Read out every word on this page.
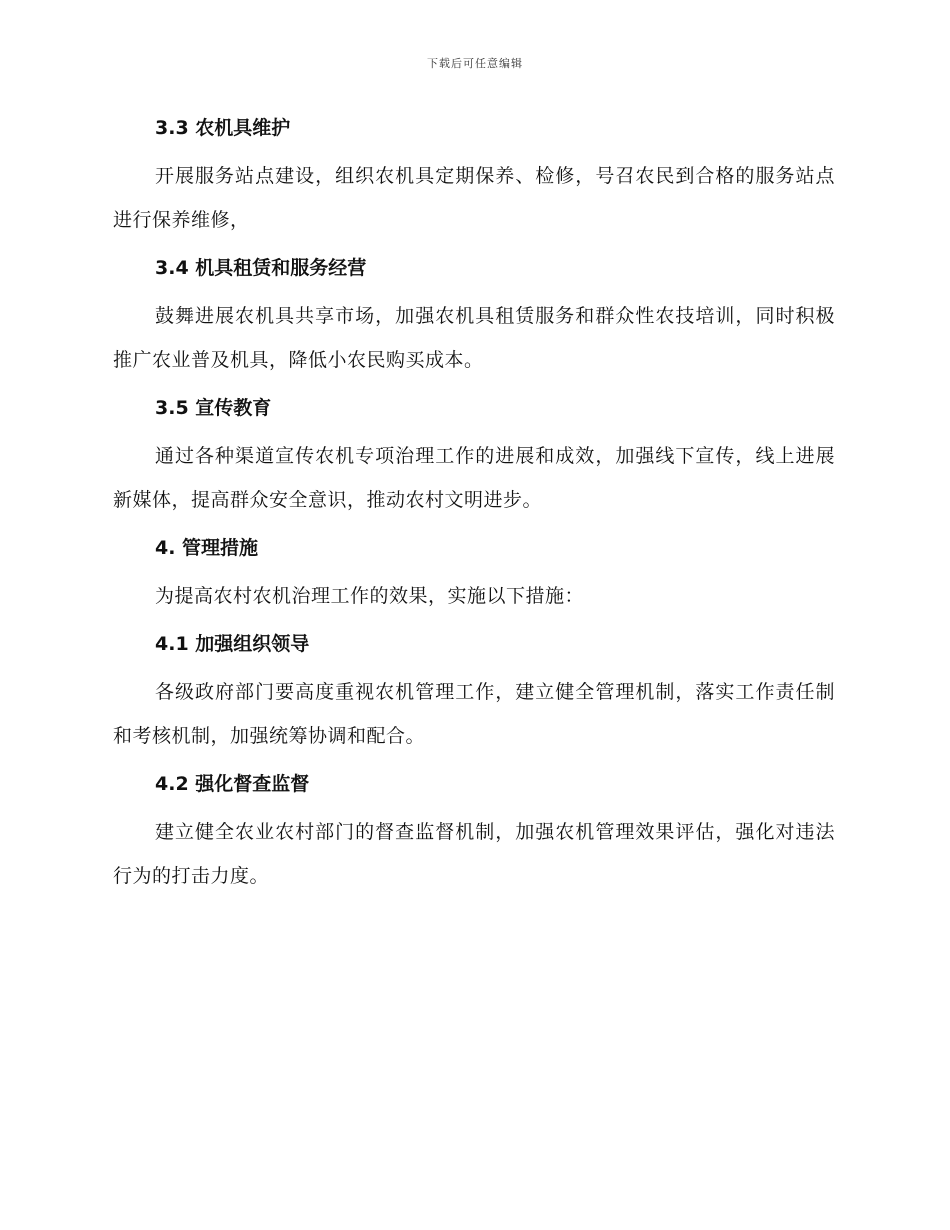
下载后可任意编辑
3.3 农机具维护
开展服务站点建设，组织农机具定期保养、检修，号召农民到合格的服务站点进行保养维修，
3.4 机具租赁和服务经营
鼓舞进展农机具共享市场，加强农机具租赁服务和群众性农技培训，同时积极推广农业普及机具，降低小农民购买成本。
3.5 宣传教育
通过各种渠道宣传农机专项治理工作的进展和成效，加强线下宣传，线上进展新媒体，提高群众安全意识，推动农村文明进步。
4. 管理措施
为提高农村农机治理工作的效果，实施以下措施：
4.1 加强组织领导
各级政府部门要高度重视农机管理工作，建立健全管理机制，落实工作责任制和考核机制，加强统筹协调和配合。
4.2 强化督查监督
建立健全农业农村部门的督查监督机制，加强农机管理效果评估，强化对违法行为的打击力度。
